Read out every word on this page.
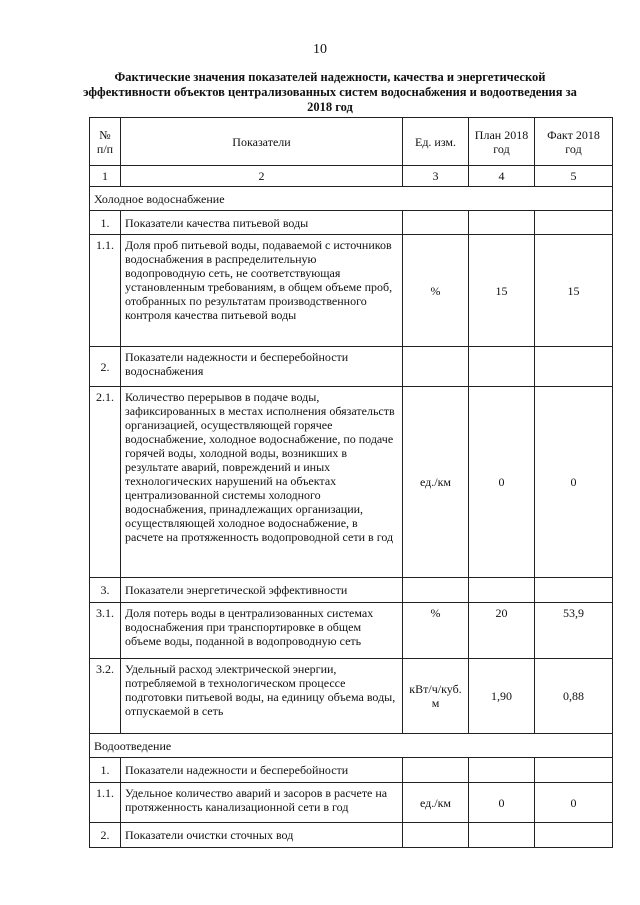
10
Фактические значения показателей надежности, качества и энергетической эффективности объектов централизованных систем водоснабжения и водоотведения за 2018 год
№ п/п	Показатели	Ед. изм.	План 2018 год	Факт 2018 год
1	2	3	4	5
Холодное водоснабжение				
1.	Показатели качества питьевой воды			
1.1.	Доля проб питьевой воды, подаваемой с источников водоснабжения в распределительную водопроводную сеть, не соответствующая установленным требованиям, в общем объеме проб, отобранных по результатам производственного контроля качества питьевой воды	%	15	15
2.	Показатели надежности и бесперебойности водоснабжения			
2.1.	Количество перерывов в подаче воды, зафиксированных в местах исполнения обязательств организацией, осуществляющей горячее водоснабжение, холодное водоснабжение, по подаче горячей воды, холодной воды, возникших в результате аварий, повреждений и иных технологических нарушений на объектах централизованной системы холодного водоснабжения, принадлежащих организации, осуществляющей холодное водоснабжение, в расчете на протяженность водопроводной сети в год	ед./км	0	0
3.	Показатели энергетической эффективности			
3.1.	Доля потерь воды в централизованных системах водоснабжения при транспортировке в общем объеме воды, поданной в водопроводную сеть	%	20	53,9
3.2.	Удельный расход электрической энергии, потребляемой в технологическом процессе подготовки питьевой воды, на единицу объема воды, отпускаемой в сеть	кВт/ч/куб. м	1,90	0,88
Водоотведение				
1.	Показатели надежности и бесперебойности			
1.1.	Удельное количество аварий и засоров в расчете на протяженность канализационной сети в год	ед./км	0	0
2.	Показатели очистки сточных вод			
